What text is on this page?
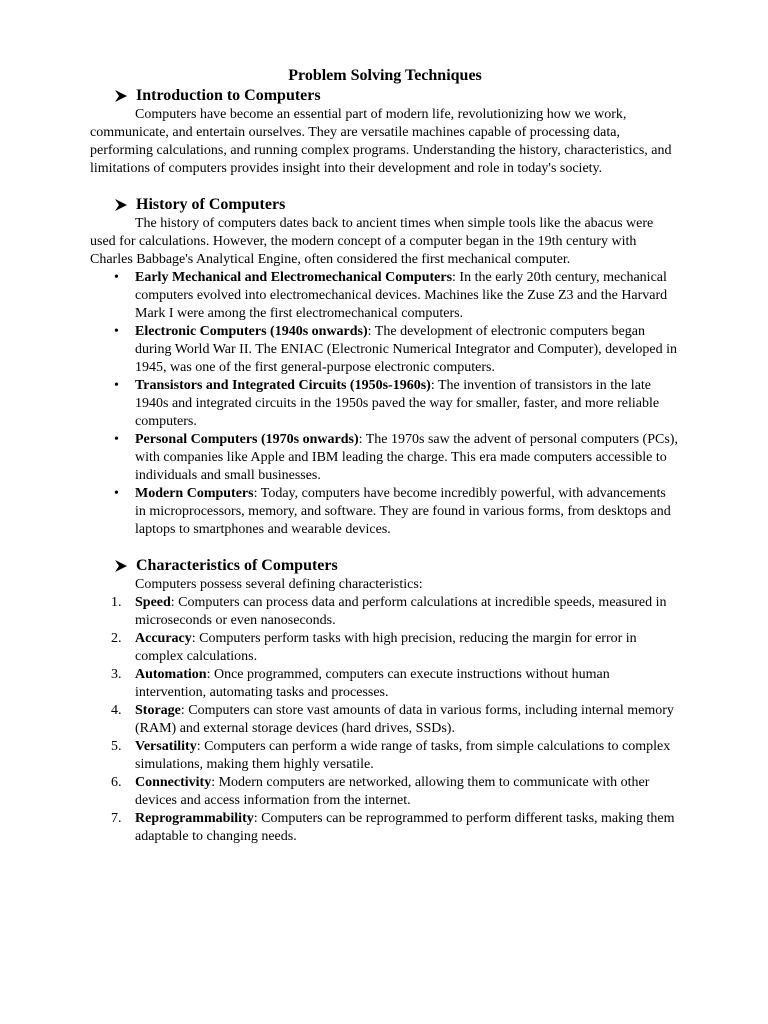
Problem Solving Techniques

Introduction to Computers

Computers have become an essential part of modern life, revolutionizing how we work, communicate, and entertain ourselves. They are versatile machines capable of processing data, performing calculations, and running complex programs. Understanding the history, characteristics, and limitations of computers provides insight into their development and role in today's society.

History of Computers

The history of computers dates back to ancient times when simple tools like the abacus were used for calculations. However, the modern concept of a computer began in the 19th century with Charles Babbage's Analytical Engine, often considered the first mechanical computer.

• Early Mechanical and Electromechanical Computers: In the early 20th century, mechanical computers evolved into electromechanical devices. Machines like the Zuse Z3 and the Harvard Mark I were among the first electromechanical computers.
• Electronic Computers (1940s onwards): The development of electronic computers began during World War II. The ENIAC (Electronic Numerical Integrator and Computer), developed in 1945, was one of the first general-purpose electronic computers.
• Transistors and Integrated Circuits (1950s-1960s): The invention of transistors in the late 1940s and integrated circuits in the 1950s paved the way for smaller, faster, and more reliable computers.
• Personal Computers (1970s onwards): The 1970s saw the advent of personal computers (PCs), with companies like Apple and IBM leading the charge. This era made computers accessible to individuals and small businesses.
• Modern Computers: Today, computers have become incredibly powerful, with advancements in microprocessors, memory, and software. They are found in various forms, from desktops and laptops to smartphones and wearable devices.
Characteristics of Computers

Computers possess several defining characteristics:

1. Speed: Computers can process data and perform calculations at incredible speeds, measured in microseconds or even nanoseconds.
2. Accuracy: Computers perform tasks with high precision, reducing the margin for error in complex calculations.
3. Automation: Once programmed, computers can execute instructions without human intervention, automating tasks and processes.
4. Storage: Computers can store vast amounts of data in various forms, including internal memory (RAM) and external storage devices (hard drives, SSDs).
5. Versatility: Computers can perform a wide range of tasks, from simple calculations to complex simulations, making them highly versatile.
6. Connectivity: Modern computers are networked, allowing them to communicate with other devices and access information from the internet.
7. Reprogrammability: Computers can be reprogrammed to perform different tasks, making them adaptable to changing needs.
